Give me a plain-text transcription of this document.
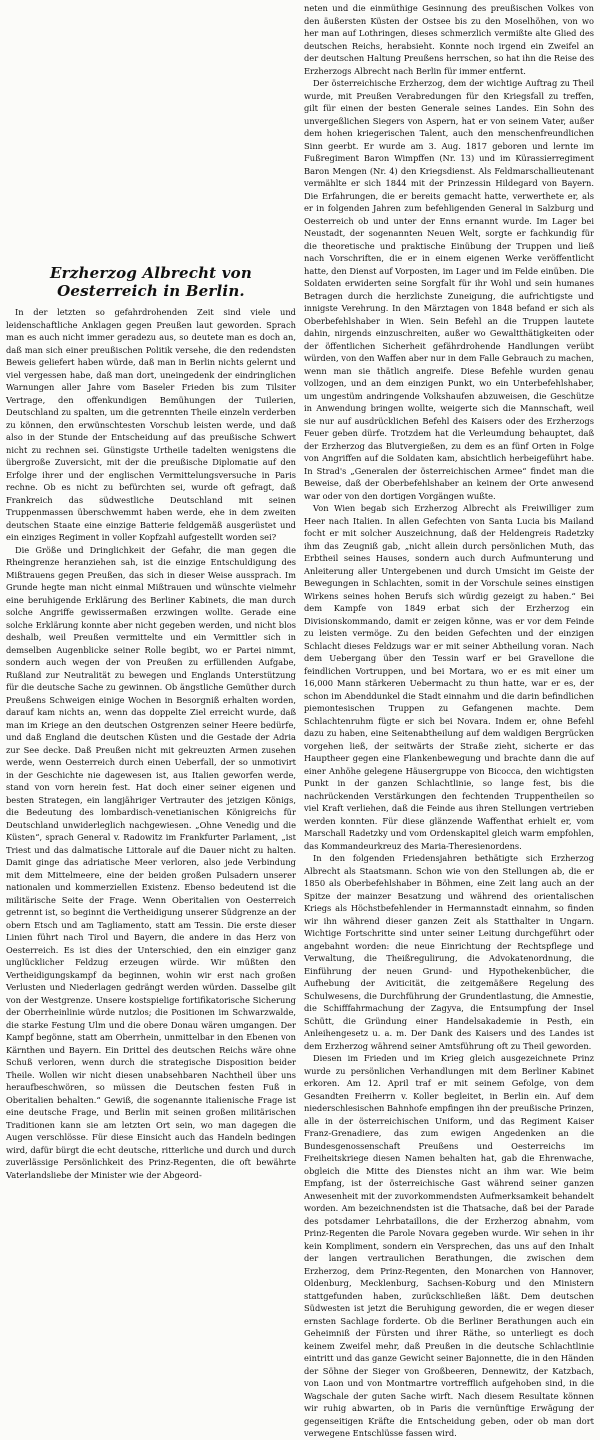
Erzherzog Albrecht von Oesterreich in Berlin.

In der letzten so gefahrdrohenden Zeit sind viele und leidenschaftliche Anklagen gegen Preußen laut geworden. Sprach man es auch nicht immer geradezu aus, so deutete man es doch an, daß man sich einer preußischen Politik versehe, die den redendsten Beweis geliefert haben würde, daß man in Berlin nichts gelernt und viel vergessen habe, daß man dort, uneingedenk der eindringlichen Warnungen aller Jahre vom Baseler Frieden bis zum Tilsiter Vertrage, den offenkundigen Bemühungen der Tuilerien, Deutschland zu spalten, um die getrennten Theile einzeln verderben zu können, den erwünschtesten Vorschub leisten werde, und daß also in der Stunde der Entscheidung auf das preußische Schwert nicht zu rechnen sei. Günstigste Urtheile tadelten wenigstens die übergroße Zuversicht, mit der die preußische Diplomatie auf den Erfolge ihrer und der englischen Vermittelungsversuche in Paris rechne. Ob es nicht zu befürchten sei, wurde oft gefragt, daß Frankreich das südwestliche Deutschland mit seinen Truppenmassen überschwemmt haben werde, ehe in dem zweiten deutschen Staate eine einzige Batterie feldgemäß ausgerüstet und ein einziges Regiment in voller Kopfzahl aufgestellt worden sei?

Die Größe und Dringlichkeit der Gefahr, die man gegen die Rheingrenze heranziehen sah, ist die einzige Entschuldigung des Mißtrauens gegen Preußen, das sich in dieser Weise aussprach. Im Grunde hegte man nicht einmal Mißtrauen und wünschte vielmehr eine beruhigende Erklärung des Berliner Kabinets, die man durch solche Angriffe gewissermaßen erzwingen wollte. Gerade eine solche Erklärung konnte aber nicht gegeben werden, und nicht blos deshalb, weil Preußen vermittelte und ein Vermittler sich in demselben Augenblicke seiner Rolle begibt, wo er Partei nimmt, sondern auch wegen der von Preußen zu erfüllenden Aufgabe, Rußland zur Neutralität zu bewegen und Englands Unterstützung für die deutsche Sache zu gewinnen. Ob ängstliche Gemüther durch Preußens Schweigen einige Wochen in Besorgniß erhalten worden, darauf kam nichts an, wenn das doppelte Ziel erreicht wurde, daß man im Kriege an den deutschen Ostgrenzen seiner Heere bedürfe, und daß England die deutschen Küsten und die Gestade der Adria zur See decke. Daß Preußen nicht mit gekreuzten Armen zusehen werde, wenn Oesterreich durch einen Ueberfall, der so unmotivirt in der Geschichte nie dagewesen ist, aus Italien geworfen werde, stand von vorn herein fest. Hat doch einer seiner eigenen und besten Strategen, ein langjähriger Vertrauter des jetzigen Königs, die Bedeutung des lombardisch-venetianischen Königreichs für Deutschland unwiderleglich nachgewiesen. „Ohne Venedig und die Küsten“, sprach General v. Radowitz im Frankfurter Parlament, „ist Triest und das dalmatische Littorale auf die Dauer nicht zu halten. Damit ginge das adriatische Meer verloren, also jede Verbindung mit dem Mittelmeere, eine der beiden großen Pulsadern unserer nationalen und kommerziellen Existenz. Ebenso bedeutend ist die militärische Seite der Frage. Wenn Oberitalien von Oesterreich getrennt ist, so beginnt die Vertheidigung unserer Südgrenze an der obern Etsch und am Tagliamento, statt am Tessin. Die erste dieser Linien führt nach Tirol und Bayern, die andere in das Herz von Oesterreich. Es ist dies der Unterschied, den ein einziger ganz unglücklicher Feldzug erzeugen würde. Wir müßten den Vertheidigungskampf da beginnen, wohin wir erst nach großen Verlusten und Niederlagen gedrängt werden würden. Dasselbe gilt von der Westgrenze. Unsere kostspielige fortifikatorische Sicherung der Oberrheinlinie würde nutzlos; die Positionen im Schwarzwalde, die starke Festung Ulm und die obere Donau wären umgangen. Der Kampf begönne, statt am Oberrhein, unmittelbar in den Ebenen von Kärnthen und Bayern. Ein Drittel des deutschen Reichs wäre ohne Schuß verloren, wenn durch die strategische Disposition beider Theile. Wollen wir nicht diesen unabsehbaren Nachtheil über uns heraufbeschwören, so müssen die Deutschen festen Fuß in Oberitalien behalten.“ Gewiß, die sogenannte italienische Frage ist eine deutsche Frage, und Berlin mit seinen großen militärischen Traditionen kann sie am letzten Ort sein, wo man dagegen die Augen verschlösse. Für diese Einsicht auch das Handeln bedingen wird, dafür bürgt die echt deutsche, ritterliche und durch und durch zuverlässige Persönlichkeit des Prinz-Regenten, die oft bewährte Vaterlandsliebe der Minister wie der Abgeord-

neten und die einmüthige Gesinnung des preußischen Volkes von den äußersten Küsten der Ostsee bis zu den Moselhöhen, von wo her man auf Lothringen, dieses schmerzlich vermißte alte Glied des deutschen Reichs, herabsieht. Konnte noch irgend ein Zweifel an der deutschen Haltung Preußens herrschen, so hat ihn die Reise des Erzherzogs Albrecht nach Berlin für immer entfernt.

Der österreichische Erzherzog, dem der wichtige Auftrag zu Theil wurde, mit Preußen Verabredungen für den Kriegsfall zu treffen, gilt für einen der besten Generale seines Landes. Ein Sohn des unvergeßlichen Siegers von Aspern, hat er von seinem Vater, außer dem hohen kriegerischen Talent, auch den menschenfreundlichen Sinn geerbt. Er wurde am 3. Aug. 1817 geboren und lernte im Fußregiment Baron Wimpffen (Nr. 13) und im Kürassierregiment Baron Mengen (Nr. 4) den Kriegsdienst. Als Feldmarschallieutenant vermählte er sich 1844 mit der Prinzessin Hildegard von Bayern. Die Erfahrungen, die er bereits gemacht hatte, verwerthete er, als er in folgenden Jahren zum befehligenden General in Salzburg und Oesterreich ob und unter der Enns ernannt wurde. Im Lager bei Neustadt, der sogenannten Neuen Welt, sorgte er fachkundig für die theoretische und praktische Einübung der Truppen und ließ nach Vorschriften, die er in einem eigenen Werke veröffentlicht hatte, den Dienst auf Vorposten, im Lager und im Felde einüben. Die Soldaten erwiderten seine Sorgfalt für ihr Wohl und sein humanes Betragen durch die herzlichste Zuneigung, die aufrichtigste und innigste Verehrung. In den Märztagen von 1848 befand er sich als Oberbefehlshaber in Wien. Sein Befehl an die Truppen lautete dahin, nirgends einzuschreiten, außer wo Gewaltthätigkeiten oder der öffentlichen Sicherheit gefährdrohende Handlungen verübt würden, von den Waffen aber nur in dem Falle Gebrauch zu machen, wenn man sie thätlich angreife. Diese Befehle wurden genau vollzogen, und an dem einzigen Punkt, wo ein Unterbefehlshaber, um ungestüm andringende Volkshaufen abzuweisen, die Geschütze in Anwendung bringen wollte, weigerte sich die Mannschaft, weil sie nur auf ausdrücklichen Befehl des Kaisers oder des Erzherzogs Feuer geben dürfe. Trotzdem hat die Verleumdung behauptet, daß der Erzherzog das Blutvergießen, zu dem es an fünf Orten in Folge von Angriffen auf die Soldaten kam, absichtlich herbeigeführt habe. In Strad's „Generalen der österreichischen Armee“ findet man die Beweise, daß der Oberbefehlshaber an keinem der Orte anwesend war oder von den dortigen Vorgängen wußte.

Von Wien begab sich Erzherzog Albrecht als Freiwilliger zum Heer nach Italien. In allen Gefechten von Santa Lucia bis Mailand focht er mit solcher Auszeichnung, daß der Heldengreis Radetzky ihm das Zeugniß gab, „nicht allein durch persönlichen Muth, das Erbtheil seines Hauses, sondern auch durch Aufmunterung und Anleiterung aller Untergebenen und durch Umsicht im Geiste der Bewegungen in Schlachten, somit in der Vorschule seines einstigen Wirkens seines hohen Berufs sich würdig gezeigt zu haben.“ Bei dem Kampfe von 1849 erbat sich der Erzherzog ein Divisionskommando, damit er zeigen könne, was er vor dem Feinde zu leisten vermöge. Zu den beiden Gefechten und der einzigen Schlacht dieses Feldzugs war er mit seiner Abtheilung voran. Nach dem Uebergang über den Tessin warf er bei Gravellone die feindlichen Vortruppen, und bei Mortara, wo er es mit einer um 16,000 Mann stärkeren Uebermacht zu thun hatte, war er es, der schon im Abenddunkel die Stadt einnahm und die darin befindlichen piemontesischen Truppen zu Gefangenen machte. Dem Schlachtenruhm fügte er sich bei Novara. Indem er, ohne Befehl dazu zu haben, eine Seitenabtheilung auf dem waldigen Bergrücken vorgehen ließ, der seitwärts der Straße zieht, sicherte er das Hauptheer gegen eine Flankenbewegung und brachte dann die auf einer Anhöhe gelegene Häusergruppe von Bicocca, den wichtigsten Punkt in der ganzen Schlachtlinie, so lange fest, bis die nachrückenden Verstärkungen den fechtenden Truppentheilen so viel Kraft verliehen, daß die Feinde aus ihren Stellungen vertrieben werden konnten. Für diese glänzende Waffenthat erhielt er, vom Marschall Radetzky und vom Ordenskapitel gleich warm empfohlen, das Kommandeurkreuz des Maria-Theresienordens.

In den folgenden Friedensjahren bethätigte sich Erzherzog Albrecht als Staatsmann. Schon wie von den Stellungen ab, die er 1850 als Oberbefehlshaber in Böhmen, eine Zeit lang auch an der Spitze der mainzer Besatzung und während des orientalischen Kriegs als Höchstbefehlender in Hermannstadt einnahm, so finden wir ihn während dieser ganzen Zeit als Statthalter in Ungarn. Wichtige Fortschritte sind unter seiner Leitung durchgeführt oder angebahnt worden: die neue Einrichtung der Rechtspflege und Verwaltung, die Theißregulirung, die Advokatenordnung, die Einführung der neuen Grund- und Hypothekenbücher, die Aufhebung der Aviticität, die zeitgemäßere Regelung des Schulwesens, die Durchführung der Grundentlastung, die Amnestie, die Schifffahrmachung der Zagyva, die Entsumpfung der Insel Schütt, die Gründung einer Handelsakademie in Pesth, ein Anleihengesetz u. a. m. Der Dank des Kaisers und des Landes ist dem Erzherzog während seiner Amtsführung oft zu Theil geworden.

Diesen im Frieden und im Krieg gleich ausgezeichnete Prinz wurde zu persönlichen Verhandlungen mit dem Berliner Kabinet erkoren. Am 12. April traf er mit seinem Gefolge, von dem Gesandten Freiherrn v. Koller begleitet, in Berlin ein. Auf dem niederschlesischen Bahnhofe empfingen ihn der preußische Prinzen, alle in der österreichischen Uniform, und das Regiment Kaiser Franz-Grenadiere, das zum ewigen Angedenken an die Bundesgenossenschaft Preußens und Oesterreichs im Freiheitskriege diesen Namen behalten hat, gab die Ehrenwache, obgleich die Mitte des Dienstes nicht an ihm war. Wie beim Empfang, ist der österreichische Gast während seiner ganzen Anwesenheit mit der zuvorkommendsten Aufmerksamkeit behandelt worden. Am bezeichnendsten ist die Thatsache, daß bei der Parade des potsdamer Lehrbataillons, die der Erzherzog abnahm, vom Prinz-Regenten die Parole Novara gegeben wurde. Wir sehen in ihr kein Kompliment, sondern ein Versprechen, das uns auf den Inhalt der langen vertraulichen Berathungen, die zwischen dem Erzherzog, dem Prinz-Regenten, den Monarchen von Hannover, Oldenburg, Mecklenburg, Sachsen-Koburg und den Ministern stattgefunden haben, zurückschließen läßt. Dem deutschen Südwesten ist jetzt die Beruhigung geworden, die er wegen dieser ernsten Sachlage forderte. Ob die Berliner Berathungen auch ein Geheimniß der Fürsten und ihrer Räthe, so unterliegt es doch keinem Zweifel mehr, daß Preußen in die deutsche Schlachtlinie eintritt und das ganze Gewicht seiner Bajonnette, die in den Händen der Söhne der Sieger von Großbeeren, Dennewitz, der Katzbach, von Laon und von Montmartre vortrefflich aufgehoben sind, in die Wagschale der guten Sache wirft. Nach diesem Resultate können wir ruhig abwarten, ob in Paris die vernünftige Erwägung der gegenseitigen Kräfte die Entscheidung geben, oder ob man dort verwegene Entschlüsse fassen wird.
